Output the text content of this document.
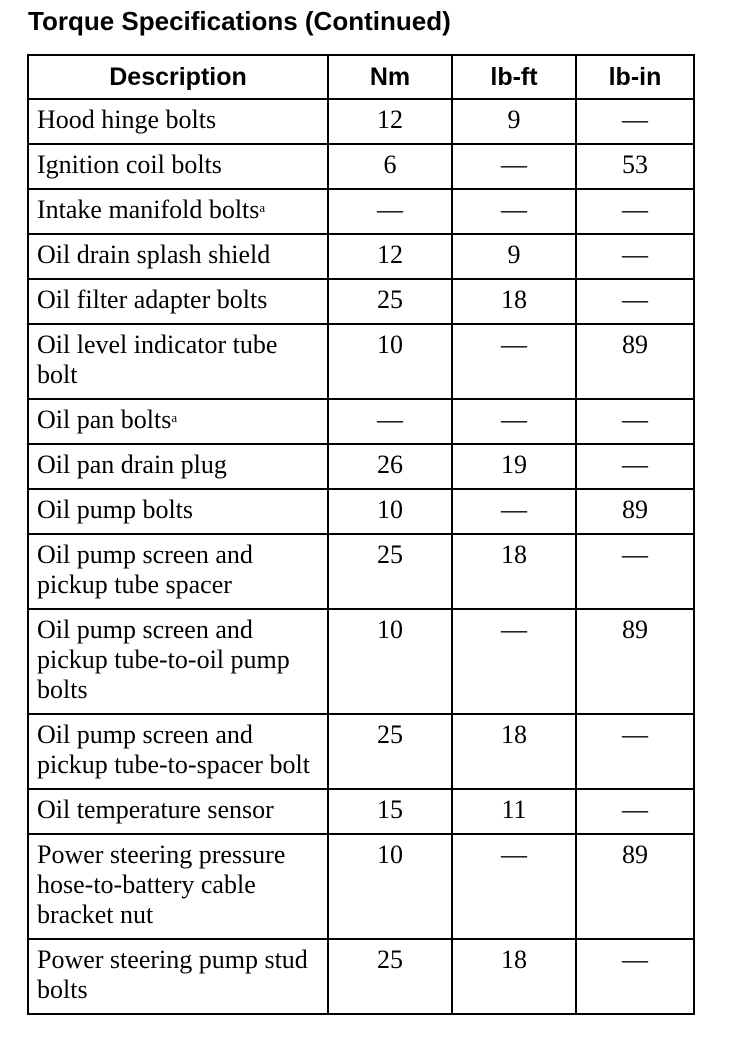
Torque Specifications (Continued)
Description	Nm	lb-ft	lb-in
Hood hinge bolts	12	9	—
Ignition coil bolts	6	—	53
Intake manifold bolts$^a$	—	—	—
Oil drain splash shield	12	9	—
Oil filter adapter bolts	25	18	—
Oil level indicator tube bolt	10	—	89
Oil pan bolts$^a$	—	—	—
Oil pan drain plug	26	19	—
Oil pump bolts	10	—	89
Oil pump screen and pickup tube spacer	25	18	—
Oil pump screen and pickup tube-to-oil pump bolts	10	—	89
Oil pump screen and pickup tube-to-spacer bolt	25	18	—
Oil temperature sensor	15	11	—
Power steering pressure hose-to-battery cable bracket nut	10	—	89
Power steering pump stud bolts	25	18	—
